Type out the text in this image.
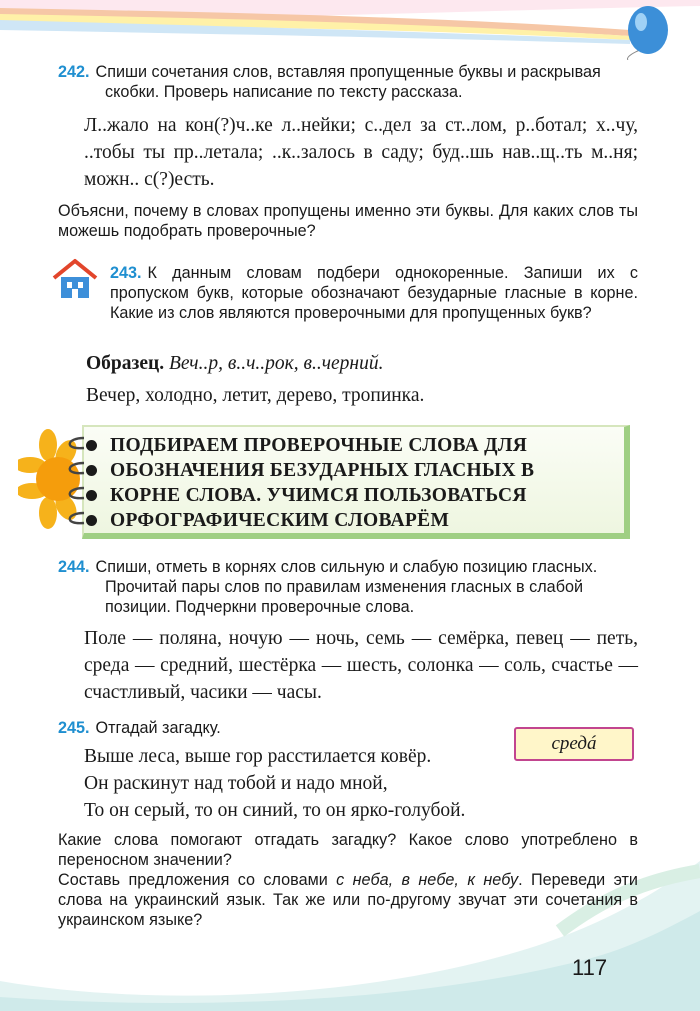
242. Спиши сочетания слов, вставляя пропущенные буквы и раскрывая скобки. Проверь написание по тексту рассказа.

Л..жало на кон(?)ч..ке л..нейки; с..дел за ст..лом, р..ботал; х..чу, ..тобы ты пр..летала; ..к..залось в саду; буд..шь нав..щ..ть м..ня; можн.. с(?)есть.

Объясни, почему в словах пропущены именно эти буквы. Для каких слов ты можешь подобрать проверочные?

243. К данным словам подбери однокоренные. Запиши их с пропуском букв, которые обозначают безударные гласные в корне. Какие из слов являются проверочными для пропущенных букв?

Образец. Веч..р, в..ч..рок, в..черний.

Вечер, холодно, летит, дерево, тропинка.

ПОДБИРАЕМ ПРОВЕРОЧНЫЕ СЛОВА ДЛЯ
ОБОЗНАЧЕНИЯ БЕЗУДАРНЫХ ГЛАСНЫХ В
КОРНЕ СЛОВА. УЧИМСЯ ПОЛЬЗОВАТЬСЯ
ОРФОГРАФИЧЕСКИМ СЛОВАРЁМ

244. Спиши, отметь в корнях слов сильную и слабую позицию гласных. Прочитай пары слов по правилам изменения гласных в слабой позиции. Подчеркни проверочные слова.

Поле — поляна, ночую — ночь, семь — семёрка, певец — петь, среда — средний, шестёрка — шесть, солонка — соль, счастье — счастливый, часики — часы.

245. Отгадай загадку.

Выше леса, выше гор расстилается ковёр.

Он раскинут над тобой и надо мной,

То он серый, то он синий, то он ярко-голубой.

Какие слова помогают отгадать загадку? Какое слово употреблено в переносном значении?

Составь предложения со словами с неба, в небе, к небу. Переведи эти слова на украинский язык. Так же или по-другому звучат эти сочетания в украинском языке?

средá
117
